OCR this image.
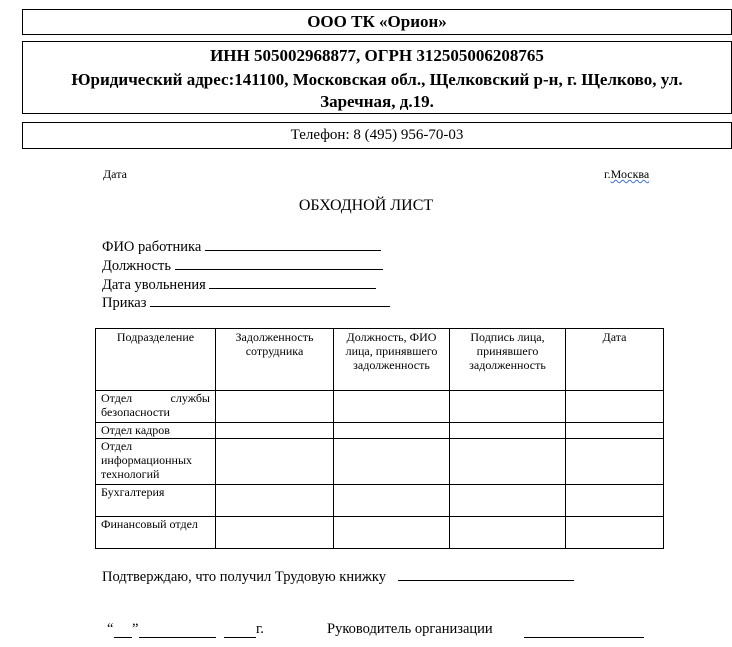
ООО ТК «Орион»
ИНН 505002968877, ОГРН 312505006208765
Юридический адрес:141100, Московская обл., Щелковский р-н, г. Щелково, ул. Заречная, д.19.
Телефон: 8 (495) 956-70-03
Дата	г.Москва
ОБХОДНОЙ ЛИСТ
ФИО работника
Должность
Дата увольнения
Приказ
Подразделение	Задолженность сотрудника	Должность, ФИО лица, принявшего задолженность	Подпись лица, принявшего задолженность	Дата
Отдел службы безопасности				
Отдел кадров				
Отдел информационных технологий				
Бухгалтерия				
Финансовый отдел				
Подтверждаю, что получил Трудовую книжку
“ ”	г.	Руководитель организации
